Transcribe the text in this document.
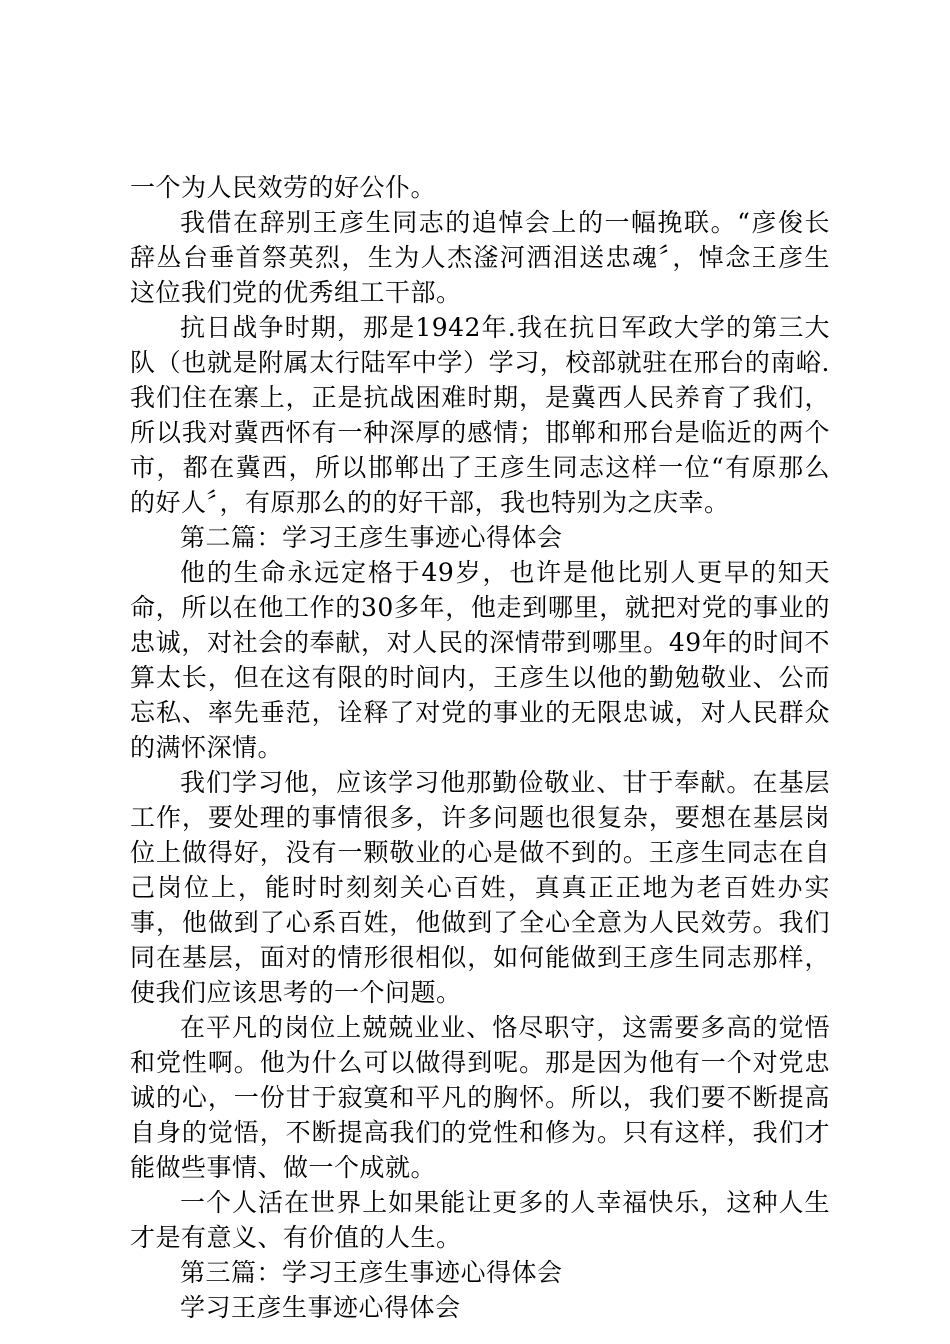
一个为人民效劳的好公仆。

我借在辞别王彦生同志的追悼会上的一幅挽联。“彦俊长辞丛台垂首祭英烈，生为人杰滏河洒泪送忠魂〞，悼念王彦生这位我们党的优秀组工干部。

抗日战争时期，那是1942年.我在抗日军政大学的第三大队（也就是附属太行陆军中学）学习，校部就驻在邢台的南峪.我们住在寨上，正是抗战困难时期，是冀西人民养育了我们，所以我对冀西怀有一种深厚的感情；邯郸和邢台是临近的两个市，都在冀西，所以邯郸出了王彦生同志这样一位“有原那么的好人〞，有原那么的的好干部，我也特别为之庆幸。

第二篇：学习王彦生事迹心得体会

他的生命永远定格于49岁，也许是他比别人更早的知天命，所以在他工作的30多年，他走到哪里，就把对党的事业的忠诚，对社会的奉献，对人民的深情带到哪里。49年的时间不算太长，但在这有限的时间内，王彦生以他的勤勉敬业、公而忘私、率先垂范，诠释了对党的事业的无限忠诚，对人民群众的满怀深情。

我们学习他，应该学习他那勤俭敬业、甘于奉献。在基层工作，要处理的事情很多，许多问题也很复杂，要想在基层岗位上做得好，没有一颗敬业的心是做不到的。王彦生同志在自己岗位上，能时时刻刻关心百姓，真真正正地为老百姓办实事，他做到了心系百姓，他做到了全心全意为人民效劳。我们同在基层，面对的情形很相似，如何能做到王彦生同志那样，使我们应该思考的一个问题。

在平凡的岗位上兢兢业业、恪尽职守，这需要多高的觉悟和党性啊。他为什么可以做得到呢。那是因为他有一个对党忠诚的心，一份甘于寂寞和平凡的胸怀。所以，我们要不断提高自身的觉悟，不断提高我们的党性和修为。只有这样，我们才能做些事情、做一个成就。

一个人活在世界上如果能让更多的人幸福快乐，这种人生才是有意义、有价值的人生。

第三篇：学习王彦生事迹心得体会

学习王彦生事迹心得体会
